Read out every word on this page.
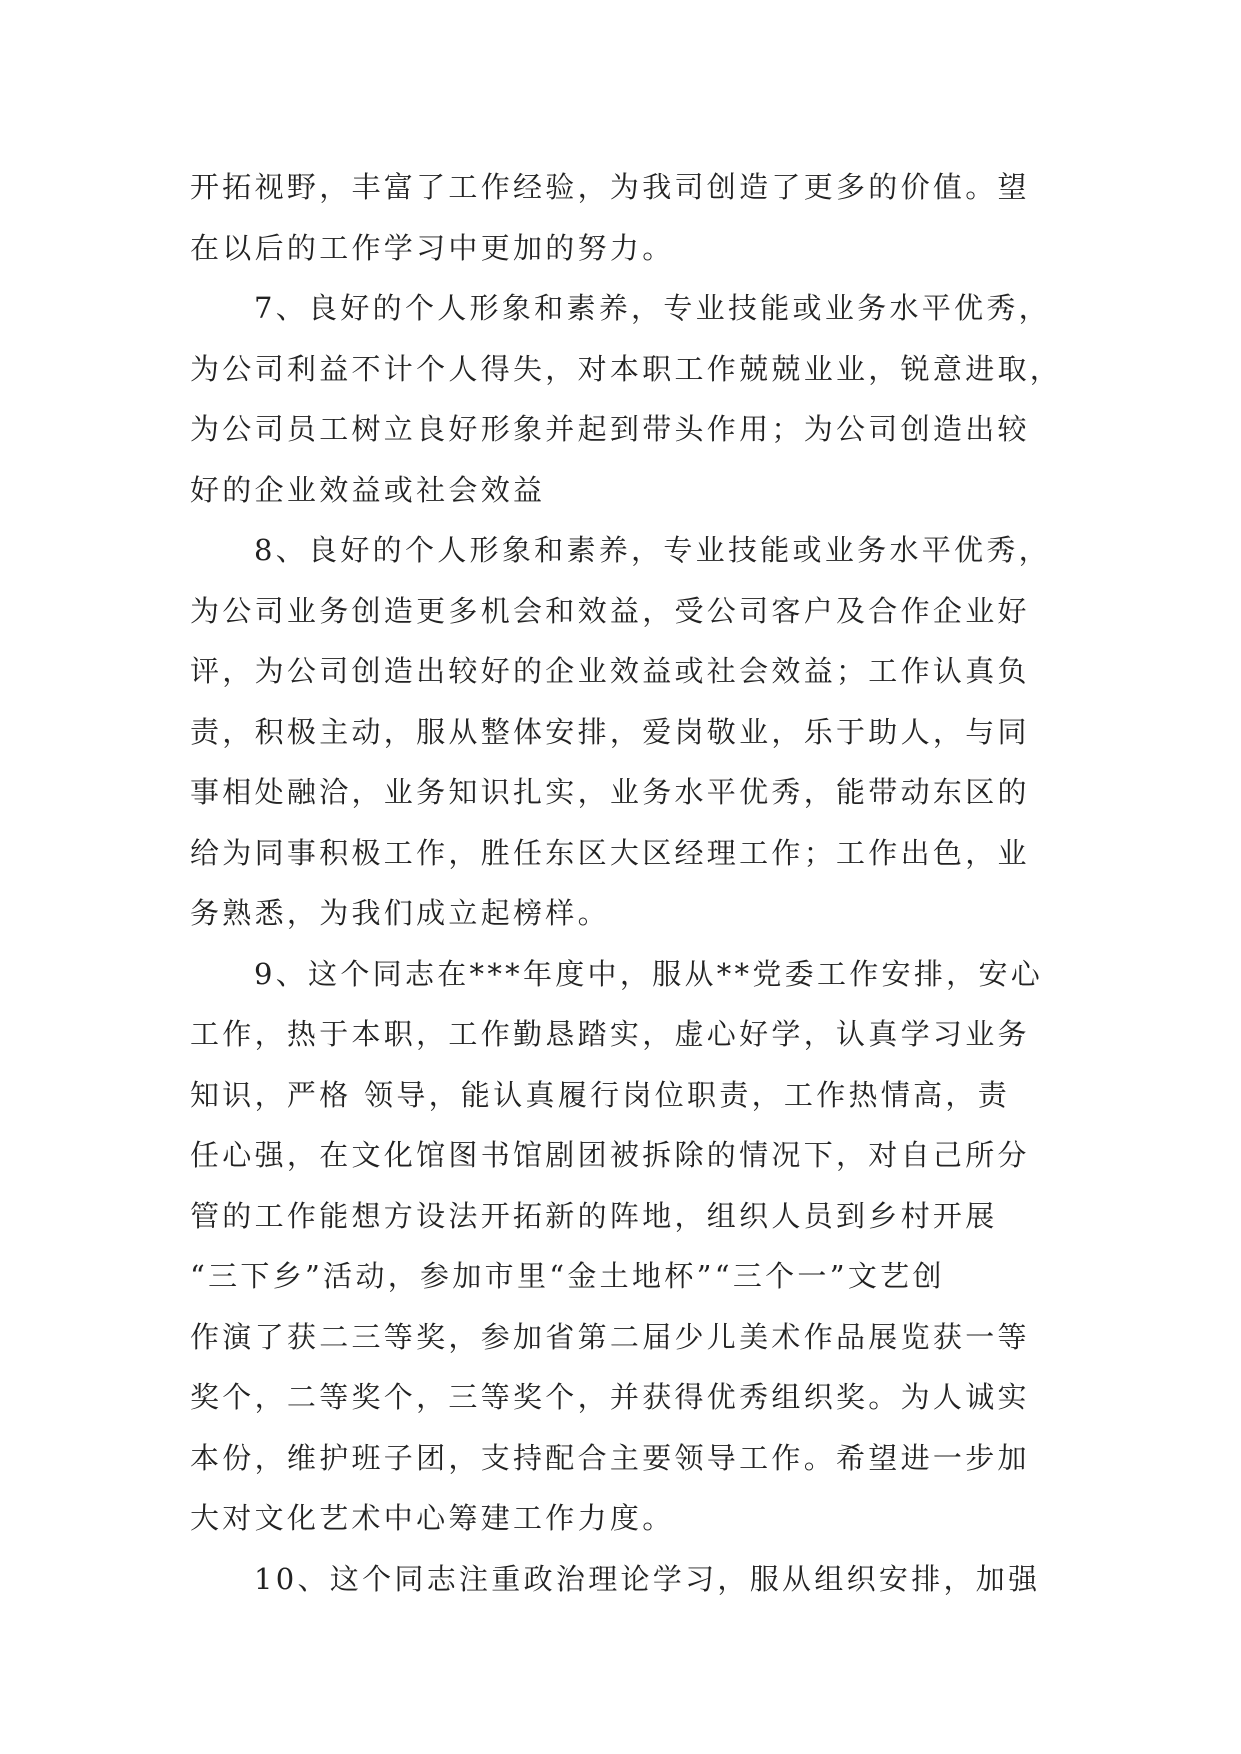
开拓视野，丰富了工作经验，为我司创造了更多的价值。望
在以后的工作学习中更加的努力。
7、良好的个人形象和素养，专业技能或业务水平优秀，
为公司利益不计个人得失，对本职工作兢兢业业，锐意进取，
为公司员工树立良好形象并起到带头作用；为公司创造出较
好的企业效益或社会效益
8、良好的个人形象和素养，专业技能或业务水平优秀，
为公司业务创造更多机会和效益，受公司客户及合作企业好
评，为公司创造出较好的企业效益或社会效益；工作认真负
责，积极主动，服从整体安排，爱岗敬业，乐于助人，与同
事相处融洽，业务知识扎实，业务水平优秀，能带动东区的
给为同事积极工作，胜任东区大区经理工作；工作出色，业
务熟悉，为我们成立起榜样。
9、这个同志在***年度中，服从**党委工作安排，安心
工作，热于本职，工作勤恳踏实，虚心好学，认真学习业务
知识，严格 领导，能认真履行岗位职责，工作热情高，责
任心强，在文化馆图书馆剧团被拆除的情况下，对自己所分
管的工作能想方设法开拓新的阵地，组织人员到乡村开展
“三下乡”活动，参加市里“金土地杯”“三个一”文艺创
作演了获二三等奖，参加省第二届少儿美术作品展览获一等
奖个，二等奖个，三等奖个，并获得优秀组织奖。为人诚实
本份，维护班子团，支持配合主要领导工作。希望进一步加
大对文化艺术中心筹建工作力度。
10、这个同志注重政治理论学习，服从组织安排，加强
